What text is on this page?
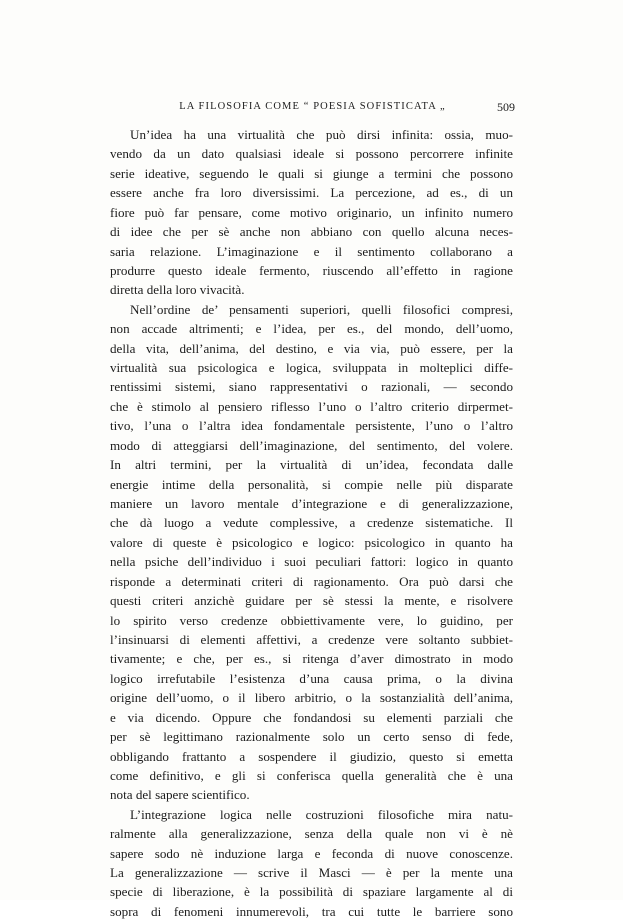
LA FILOSOFIA COME “ POESIA SOFISTICATA „	509
Un’idea ha una virtualità che può dirsi infinita: ossia, muo-
vendo da un dato qualsiasi ideale si possono percorrere infinite
serie ideative, seguendo le quali si giunge a termini che possono
essere anche fra loro diversissimi. La percezione, ad es., di un
fiore può far pensare, come motivo originario, un infinito numero
di idee che per sè anche non abbiano con quello alcuna neces-
saria relazione. L’imaginazione e il sentimento collaborano a
produrre questo ideale fermento, riuscendo all’effetto in ragione
diretta della loro vivacità.
Nell’ordine de’ pensamenti superiori, quelli filosofici compresi,
non accade altrimenti; e l’idea, per es., del mondo, dell’uomo,
della vita, dell’anima, del destino, e via via, può essere, per la
virtualità sua psicologica e logica, sviluppata in molteplici diffe-
rentissimi sistemi, siano rappresentativi o razionali, — secondo
che è stimolo al pensiero riflesso l’uno o l’altro criterio dirpermet-
tivo, l’una o l’altra idea fondamentale persistente, l’uno o l’altro
modo di atteggiarsi dell’imaginazione, del sentimento, del volere.
In altri termini, per la virtualità di un’idea, fecondata dalle
energie intime della personalità, si compie nelle più disparate
maniere un lavoro mentale d’integrazione e di generalizzazione,
che dà luogo a vedute complessive, a credenze sistematiche. Il
valore di queste è psicologico e logico: psicologico in quanto ha
nella psiche dell’individuo i suoi peculiari fattori: logico in quanto
risponde a determinati criteri di ragionamento. Ora può darsi che
questi criteri anzichè guidare per sè stessi la mente, e risolvere
lo spirito verso credenze obbiettivamente vere, lo guidino, per
l’insinuarsi di elementi affettivi, a credenze vere soltanto subbiet-
tivamente; e che, per es., si ritenga d’aver dimostrato in modo
logico irrefutabile l’esistenza d’una causa prima, o la divina
origine dell’uomo, o il libero arbitrio, o la sostanzialità dell’anima,
e via dicendo. Oppure che fondandosi su elementi parziali che
per sè legittimano razionalmente solo un certo senso di fede,
obbligando frattanto a sospendere il giudizio, questo si emetta
come definitivo, e gli si conferisca quella generalità che è una
nota del sapere scientifico.
L’integrazione logica nelle costruzioni filosofiche mira natu-
ralmente alla generalizzazione, senza della quale non vi è nè
sapere sodo nè induzione larga e feconda di nuove conoscenze.
La generalizzazione — scrive il Masci — è per la mente una
specie di liberazione, è la possibilità di spaziare largamente al di
sopra di fenomeni innumerevoli, tra cui tutte le barriere sono
